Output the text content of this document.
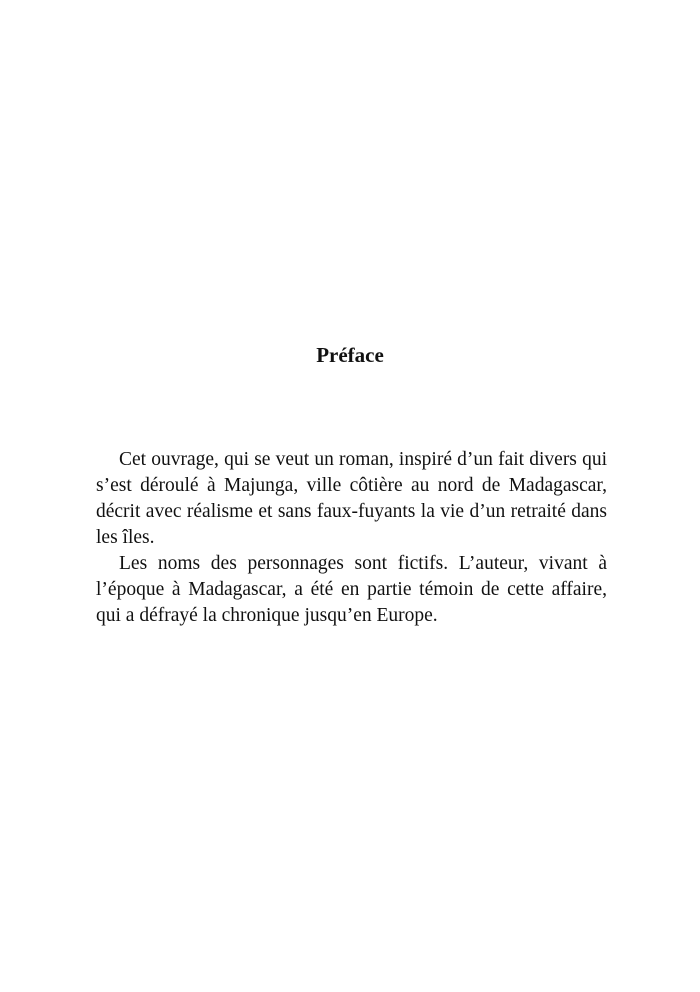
Préface

Cet ouvrage, qui se veut un roman, inspiré d’un fait divers qui s’est déroulé à Majunga, ville côtière au nord de Madagascar, décrit avec réalisme et sans faux-fuyants la vie d’un retraité dans les îles.

Les noms des personnages sont fictifs. L’auteur, vivant à l’époque à Madagascar, a été en partie témoin de cette affaire, qui a défrayé la chronique jusqu’en Europe.
